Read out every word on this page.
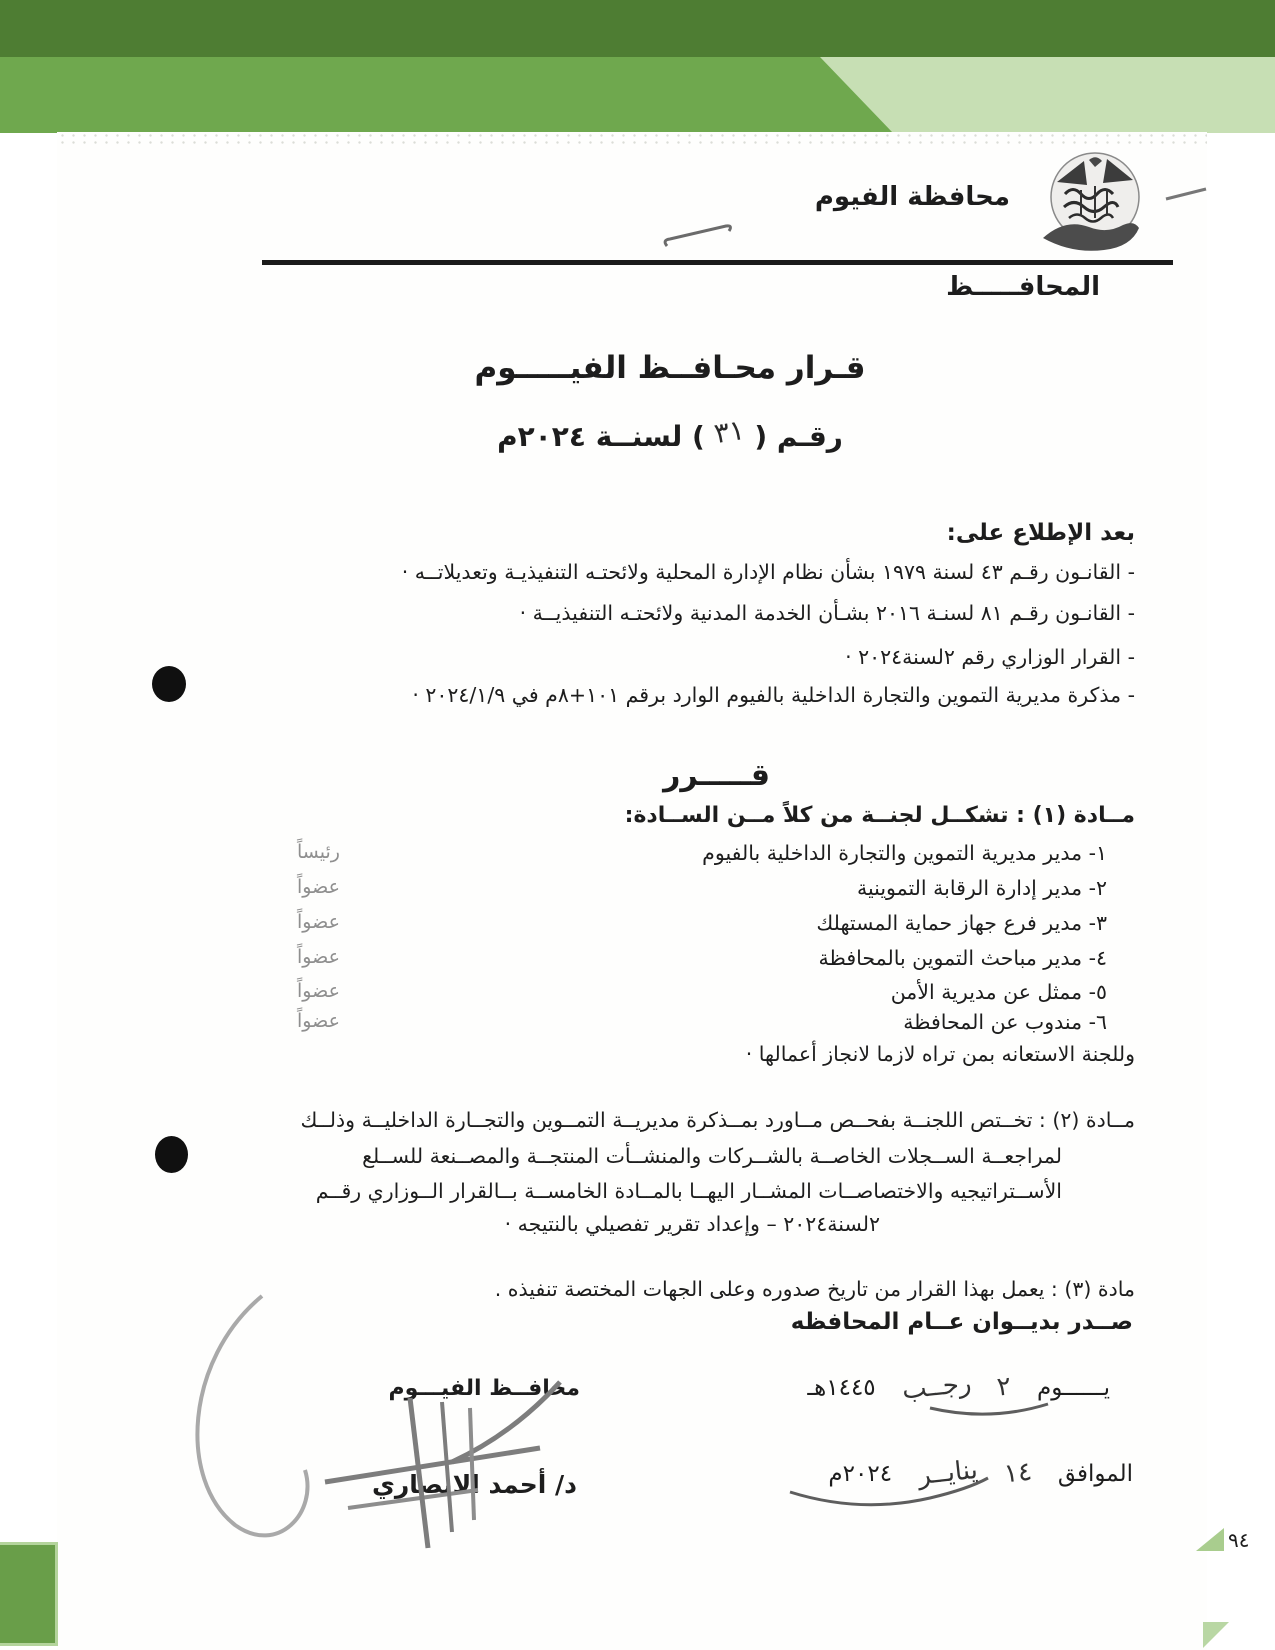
محافظة الفيوم
المحافـــــظ
قـرار محـافــظ الفيـــــوم
رقـم ( ٣١ ) لسنــة ٢٠٢٤م
بعد الإطلاع على:
- القانـون رقـم ٤٣ لسنة ١٩٧٩ بشأن نظام الإدارة المحلية ولائحتـه التنفيذيـة وتعديلاتــه ·
- القانـون رقـم ٨١ لسنـة ٢٠١٦ بشـأن الخدمة المدنية ولائحتـه التنفيذيــة ·
- القرار الوزاري رقم ٢لسنة٢٠٢٤ ·
- مذكرة مديرية التموين والتجارة الداخلية بالفيوم الوارد برقم ١٠١+٨م في ٢٠٢٤/١/٩ ·
قـــــرر
مــادة (١) : تشكــل لجنــة من كلاً مــن الســادة:
١- مدير مديرية التموين والتجارة الداخلية بالفيوم
رئيساً
٢- مدير إدارة الرقابة التموينية
عضواً
٣- مدير فرع جهاز حماية المستهلك
عضواً
٤- مدير مباحث التموين بالمحافظة
عضواً
٥- ممثل عن مديرية الأمن
عضواً
٦- مندوب عن المحافظة
عضواً
وللجنة الاستعانه بمن تراه لازما لانجاز أعمالها ·
مــادة (٢) : تخــتص اللجنــة بفحــص مــاورد بمــذكرة مديريــة التمــوين والتجــارة الداخليــة وذلــك
لمراجعــة الســجلات الخاصــة بالشــركات والمنشــأت المنتجــة والمصــنعة للســلع
الأســتراتيجيه والاختصاصــات المشــار اليهــا بالمــادة الخامســة بــالقرار الــوزاري رقــم
٢لسنة٢٠٢٤ – وإعداد تقرير تفصيلي بالنتيجه ·
مادة (٣) : يعمل بهذا القرار من تاريخ صدوره وعلى الجهات المختصة تنفيذه .
صــدر بديــوان عــام المحافظه
يــــــوم
٢
رجــب
١٤٤٥هـ
الموافق
١٤
ينايــر
٢٠٢٤م
محافــظ الفيـــوم
د/ أحمد الانصاري
٩٤
